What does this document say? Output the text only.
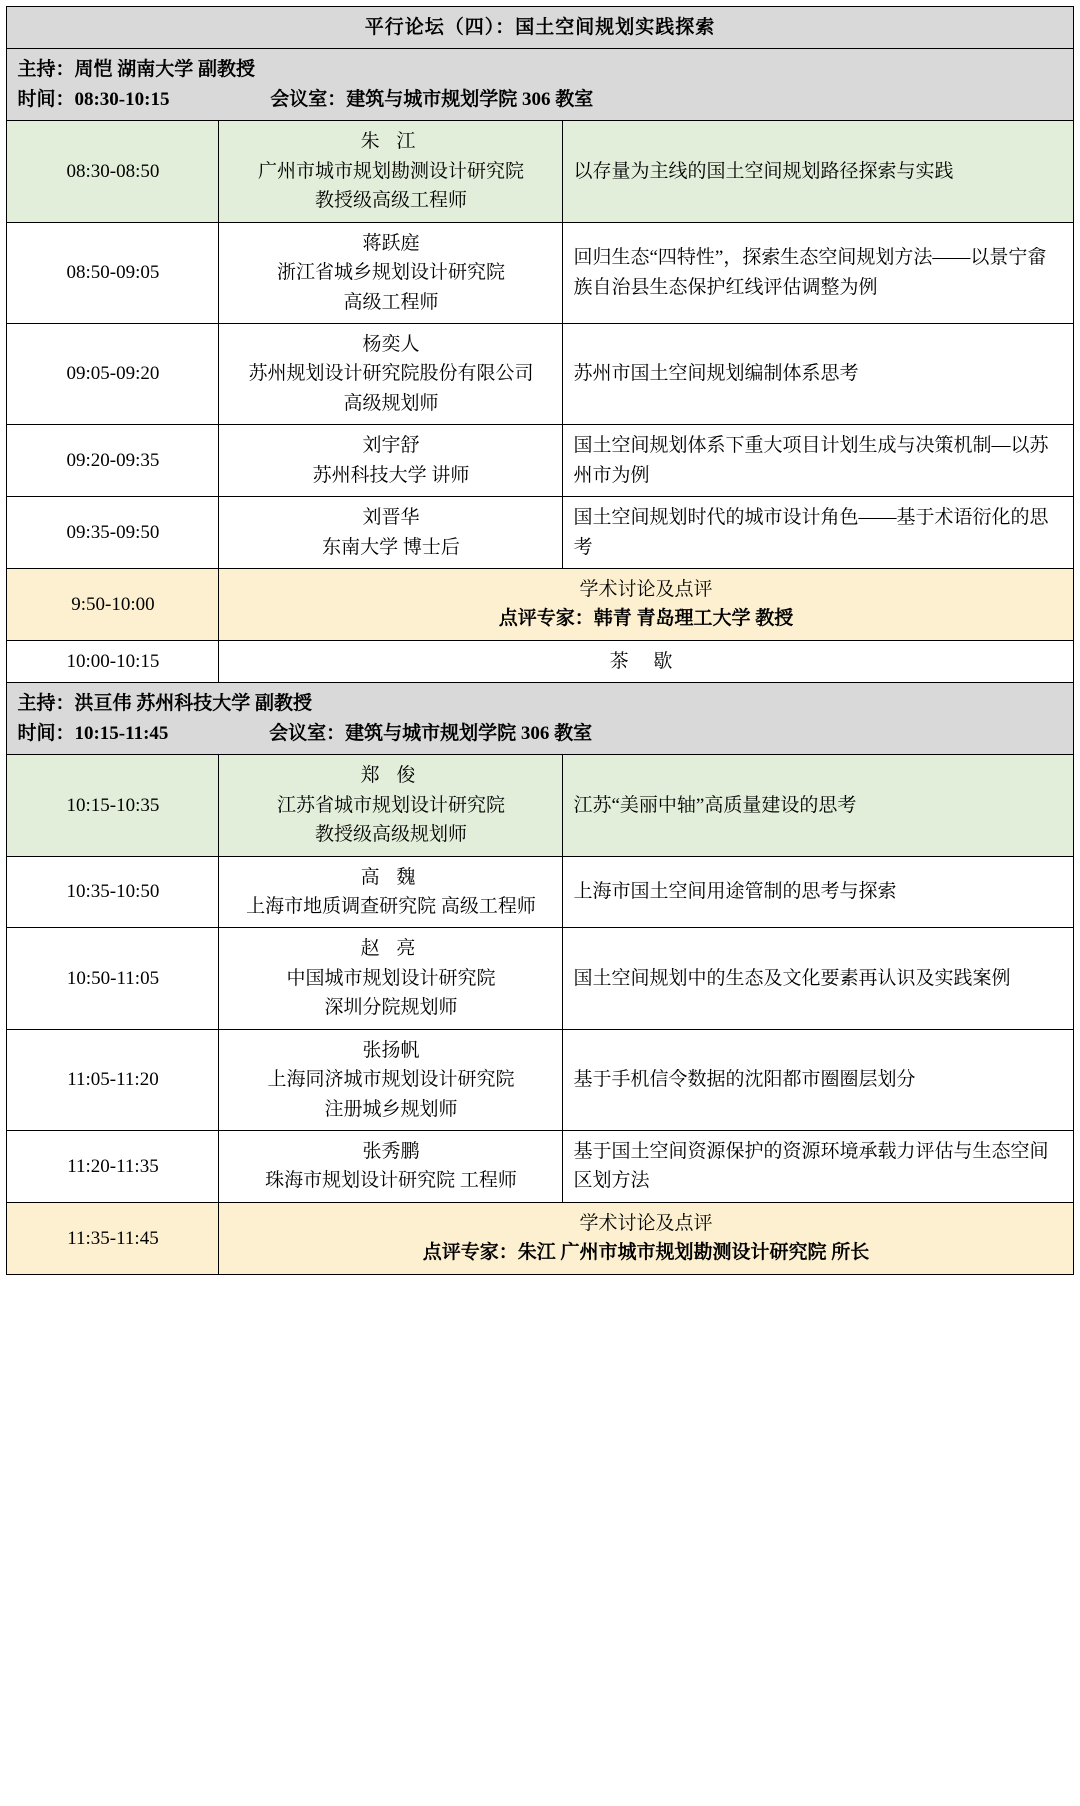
平行论坛（四）：国土空间规划实践探索		

主持：周恺 湖南大学 副教授
时间：08:30-10:15 会议室：建筑与城市规划学院 306 教室		

08:30-08:50	朱 江
广州市城市规划勘测设计研究院
教授级高级工程师	以存量为主线的国土空间规划路径探索与实践
08:50-09:05	蒋跃庭
浙江省城乡规划设计研究院
高级工程师	回归生态“四特性”，探索生态空间规划方法——以景宁畲族自治县生态保护红线评估调整为例
09:05-09:20	杨奕人
苏州规划设计研究院股份有限公司
高级规划师	苏州市国土空间规划编制体系思考
09:20-09:35	刘宇舒
苏州科技大学 讲师	国土空间规划体系下重大项目计划生成与决策机制—以苏州市为例
09:35-09:50	刘晋华
东南大学 博士后	国土空间规划时代的城市设计角色——基于术语衍化的思考
9:50-10:00	学术讨论及点评
点评专家：韩青 青岛理工大学 教授	

10:00-10:15	茶 歇	

主持：洪亘伟 苏州科技大学 副教授
时间：10:15-11:45 会议室：建筑与城市规划学院 306 教室		

10:15-10:35	郑 俊
江苏省城市规划设计研究院
教授级高级规划师	江苏“美丽中轴”高质量建设的思考
10:35-10:50	高 魏
上海市地质调查研究院 高级工程师	上海市国土空间用途管制的思考与探索
10:50-11:05	赵 亮
中国城市规划设计研究院
深圳分院规划师	国土空间规划中的生态及文化要素再认识及实践案例
11:05-11:20	张扬帆
上海同济城市规划设计研究院
注册城乡规划师	基于手机信令数据的沈阳都市圈圈层划分
11:20-11:35	张秀鹏
珠海市规划设计研究院 工程师	基于国土空间资源保护的资源环境承载力评估与生态空间区划方法
11:35-11:45	学术讨论及点评
点评专家：朱江 广州市城市规划勘测设计研究院 所长	
